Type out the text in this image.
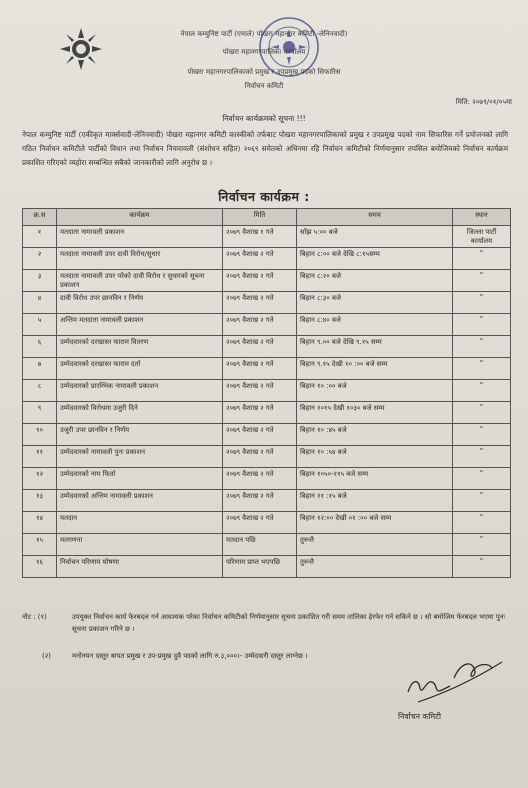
नेपाल कम्युनिष्ट पार्टी (एमाले) पोखरा महानगर कमिटी -लेनिनवादी)
पोखरा महानगरपालिका कार्यालय
पोखरा महानगरपालिकाको प्रमुख र उपप्रमुख पदको सिफारिस
निर्वाचन कमिटी
मिति: २०७९/०१/०५मा
निर्वाचन कार्यक्रमको सूचना !!!
नेपाल कम्युनिष्ट पार्टी (एकीकृत मार्क्सवादी-लेनिनवादी) पोखरा महानगर कमिटी कास्कीको तर्फबाट पोखरा महानगरपालिकाको प्रमुख र उपप्रमुख पदको नाम सिफारिस गर्ने प्रयोजनको लागि गठित निर्वाचन कमिटीले पार्टीको विधान तथा निर्वाचन नियमावली (संशोधन सहित) २०६९ समेतको अधिनमा रहि निर्वाचन कमिटीको निर्णयानुसार तपसिल बमोजिमको निर्वाचन कार्यक्रम प्रकाशित गरिएको व्यहोरा सम्बन्धित सबैको जानकारीको लागि अनुरोध छ ।
निर्वाचन कार्यक्रम :
क्र.स	कार्यक्रम	मिति	समय	स्थान
१	मतदाता नामावली प्रकाशन	२०७९ वैशाख १ गते	साँझ ५:०० बजे	जिल्ला पार्टी कार्यालय
२	मतदाता नामावली उपर दावी विरोध/सुधार	२०७९ वैशाख २ गते	बिहान ८:०० बजे देखि ८:१५सम्म	"
३	मतदाता नामावली उपर परेको दावी विरोध र सुधारको सूचना प्रकाशन	२०७९ वैशाख २ गते	बिहान ८:२० बजे	"
४	दावी विरोध उपर छानविन र निर्णय	२०७९ वैशाख २ गते	बिहान ८:३० बजे	"
५	अन्तिम मतदाता नामावली प्रकाशन	२०७९ वैशाख २ गते	बिहान ८:४० बजे	"
६	उम्मेदवारको दरखास्त फाराम वितरण	२०७९ वैशाख २ गते	बिहान ९.०० बजे देखि ९.१५ सम्म	"
७	उम्मेदवारको दरखास्त फाराम दर्ता	२०७९ वैशाख २ गते	बिहान ९.१५ देखी १० :०० बजे सम्म	"
८	उम्मेदवारको प्रारम्भिक नामावली प्रकाशन	२०७९ वैशाख २ गते	बिहान १० :०० बजे	"
९	उम्मेदवारको विरोधमा उजुरी दिने	२०७९ वैशाख २ गते	बिहान १०१५ देखी १०३० बजे सम्म	"
१०	उजुरी उपर छानविन र निर्णय	२०७९ वैशाख २ गते	बिहान १० :४५ बजे	"
११	उम्मेदवारको नामावली पुनः प्रकाशन	२०७९ वैशाख २ गते	बिहान १० :५४ बजे	"
१२	उम्मेदवारको नाम फिर्ता	२०७९ वैशाख २ गते	बिहान १०५०-११५ बजे सम्म	"
१३	उम्मेदवारको अन्तिम नामावली प्रकाशन	२०७९ वैशाख २ गते	बिहान ११ :१५ बजे	"
१४	मतदान	२०७९ वैशाख २ गते	बिहान १२:०० देखी ०१ :०० बजे सम्म	"
१५	मतगणना	मतदान पछि	तुरुन्तै	"
१६	निर्वाचन परिणाम घोषणा	परिणाम प्राप्त भएपछि	तुरुन्तै	"
नोट : (१)	उपयुक्त निर्वाचन कार्य फेरबदल गर्न आवश्यक परेका निर्वाचन कमिटीको निर्णयानुसार सूचना प्रकाशित गरी समय तालिका हेरफेर गर्न सकिने छ । सो बमोजिम फेरबदल भएमा पुनः सूचना प्रकाशन गरिने छ ।
(२)	मनोनयन दस्तुर बापत प्रमुख र उप-प्रमुख दुवै पदको लागि रु.३,०००।- उम्मेदवारी दस्तुर लाग्नेछ ।
निर्वाचन कमिटी
